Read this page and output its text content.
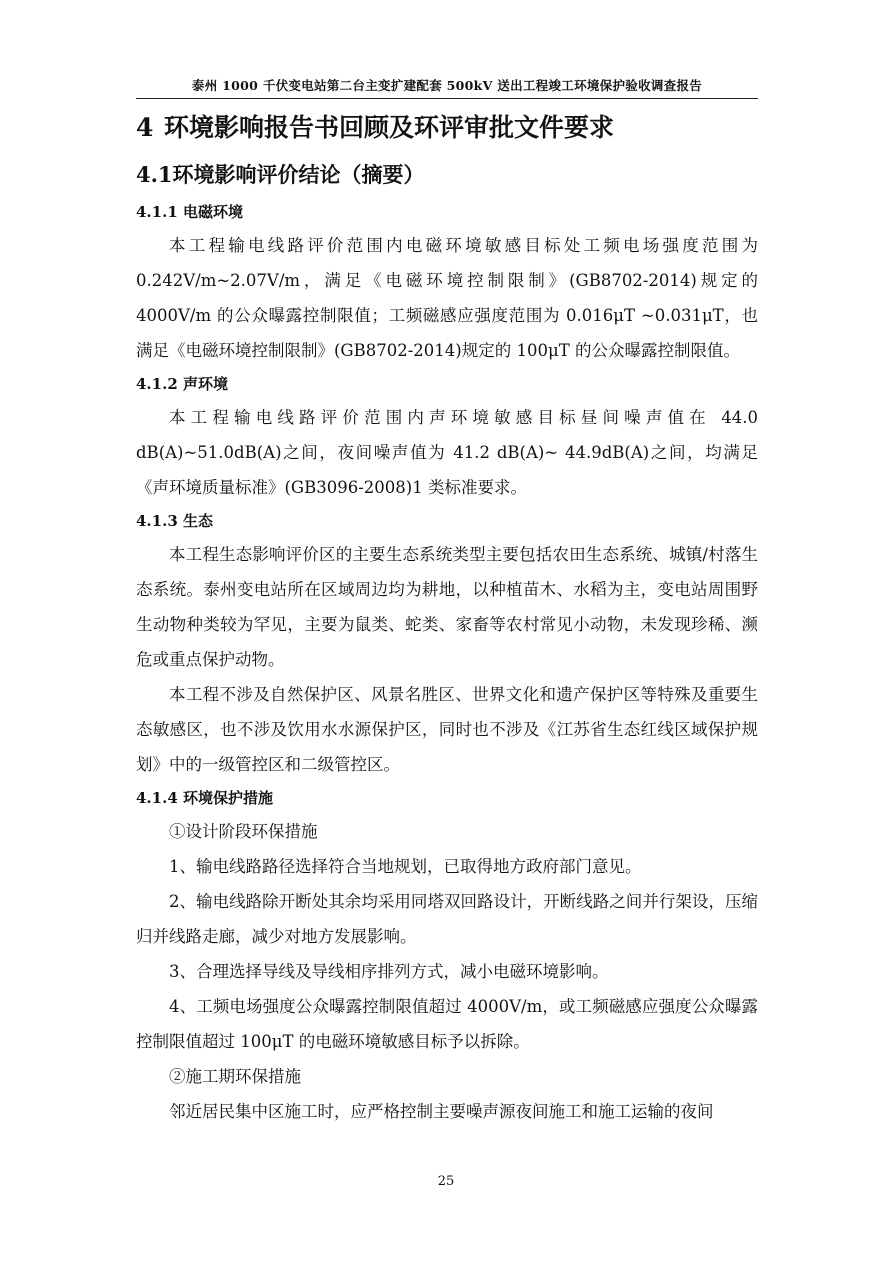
泰州 1000 千伏变电站第二台主变扩建配套 500kV 送出工程竣工环境保护验收调查报告
4 环境影响报告书回顾及环评审批文件要求
4.1环境影响评价结论（摘要）
4.1.1 电磁环境

本工程输电线路评价范围内电磁环境敏感目标处工频电场强度范围为0.242V/m~2.07V/m，满足《电磁环境控制限制》(GB8702-2014)规定的 4000V/m 的公众曝露控制限值；工频磁感应强度范围为 0.016μT ~0.031μT，也满足《电磁环境控制限制》(GB8702-2014)规定的 100μT 的公众曝露控制限值。

4.1.2 声环境

本工程输电线路评价范围内声环境敏感目标昼间噪声值在 44.0 dB(A)~51.0dB(A)之间，夜间噪声值为 41.2 dB(A)~ 44.9dB(A)之间，均满足《声环境质量标准》(GB3096-2008)1 类标准要求。

4.1.3 生态

本工程生态影响评价区的主要生态系统类型主要包括农田生态系统、城镇/村落生态系统。泰州变电站所在区域周边均为耕地，以种植苗木、水稻为主，变电站周围野生动物种类较为罕见，主要为鼠类、蛇类、家畜等农村常见小动物，未发现珍稀、濒危或重点保护动物。

本工程不涉及自然保护区、风景名胜区、世界文化和遗产保护区等特殊及重要生态敏感区，也不涉及饮用水水源保护区，同时也不涉及《江苏省生态红线区域保护规划》中的一级管控区和二级管控区。

4.1.4 环境保护措施

①设计阶段环保措施

1、输电线路路径选择符合当地规划，已取得地方政府部门意见。

2、输电线路除开断处其余均采用同塔双回路设计，开断线路之间并行架设，压缩归并线路走廊，减少对地方发展影响。

3、合理选择导线及导线相序排列方式，减小电磁环境影响。

4、工频电场强度公众曝露控制限值超过 4000V/m，或工频磁感应强度公众曝露控制限值超过 100μT 的电磁环境敏感目标予以拆除。

②施工期环保措施

邻近居民集中区施工时，应严格控制主要噪声源夜间施工和施工运输的夜间

25
